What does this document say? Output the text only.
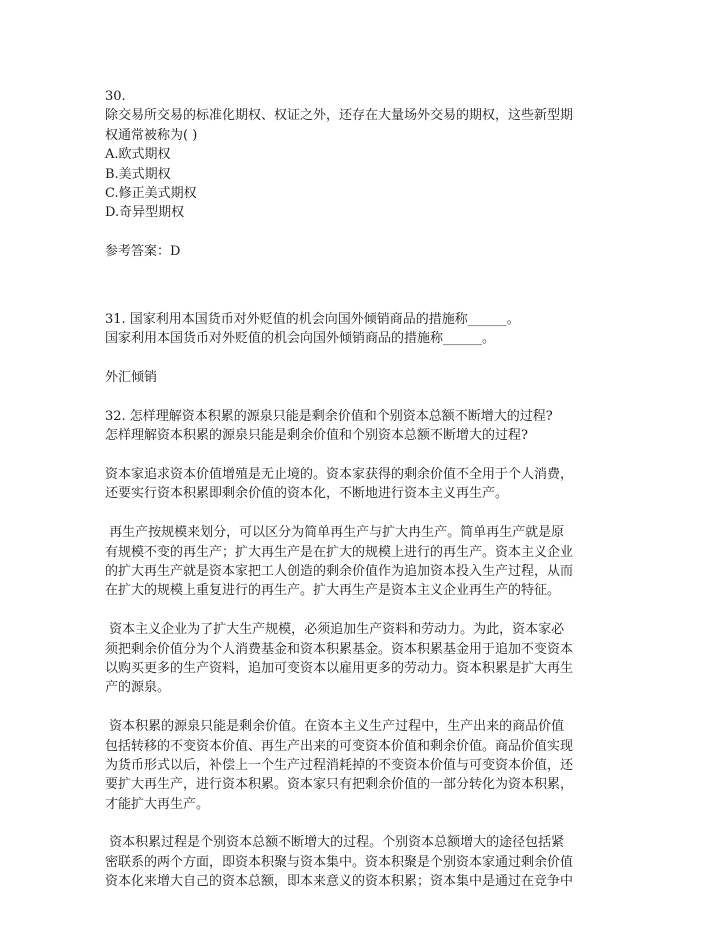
30.
除交易所交易的标准化期权、权证之外，还存在大量场外交易的期权，这些新型期
权通常被称为( )
A.欧式期权
B.美式期权
C.修正美式期权
D.奇异型期权
参考答案：D
31. 国家利用本国货币对外贬值的机会向国外倾销商品的措施称______。
国家利用本国货币对外贬值的机会向国外倾销商品的措施称______。
外汇倾销
32. 怎样理解资本积累的源泉只能是剩余价值和个别资本总额不断增大的过程?
怎样理解资本积累的源泉只能是剩余价值和个别资本总额不断增大的过程?
资本家追求资本价值增殖是无止境的。资本家获得的剩余价值不全用于个人消费，
还要实行资本积累即剩余价值的资本化，不断地进行资本主义再生产。
再生产按规模来划分，可以区分为简单再生产与扩大冉生产。简单再生产就是原
有规模不变的再生产；扩大再生产是在扩大的规模上进行的再生产。资本主义企业
的扩大再生产就是资本家把工人创造的剩余价值作为追加资本投入生产过程，从而
在扩大的规模上重复进行的再生产。扩大再生产是资本主义企业再生产的特征。
资本主义企业为了扩大生产规模，必须追加生产资料和劳动力。为此，资本家必
须把剩余价值分为个人消费基金和资本积累基金。资本积累基金用于追加不变资本
以购买更多的生产资料，追加可变资本以雇用更多的劳动力。资本积累是扩大再生
产的源泉。
资本积累的源泉只能是剩余价值。在资本主义生产过程中，生产出来的商品价值
包括转移的不变资本价值、再生产出来的可变资本价值和剩余价值。商品价值实现
为货币形式以后，补偿上一个生产过程消耗掉的不变资本价值与可变资本价值，还
要扩大再生产，进行资本积累。资本家只有把剩余价值的一部分转化为资本积累，
才能扩大再生产。
资本积累过程是个别资本总额不断增大的过程。个别资本总额增大的途径包括紧
密联系的两个方面，即资本积聚与资本集中。资本积聚是个别资本家通过剩余价值
资本化来增大自己的资本总额，即本来意义的资本积累；资本集中是通过在竞争中
